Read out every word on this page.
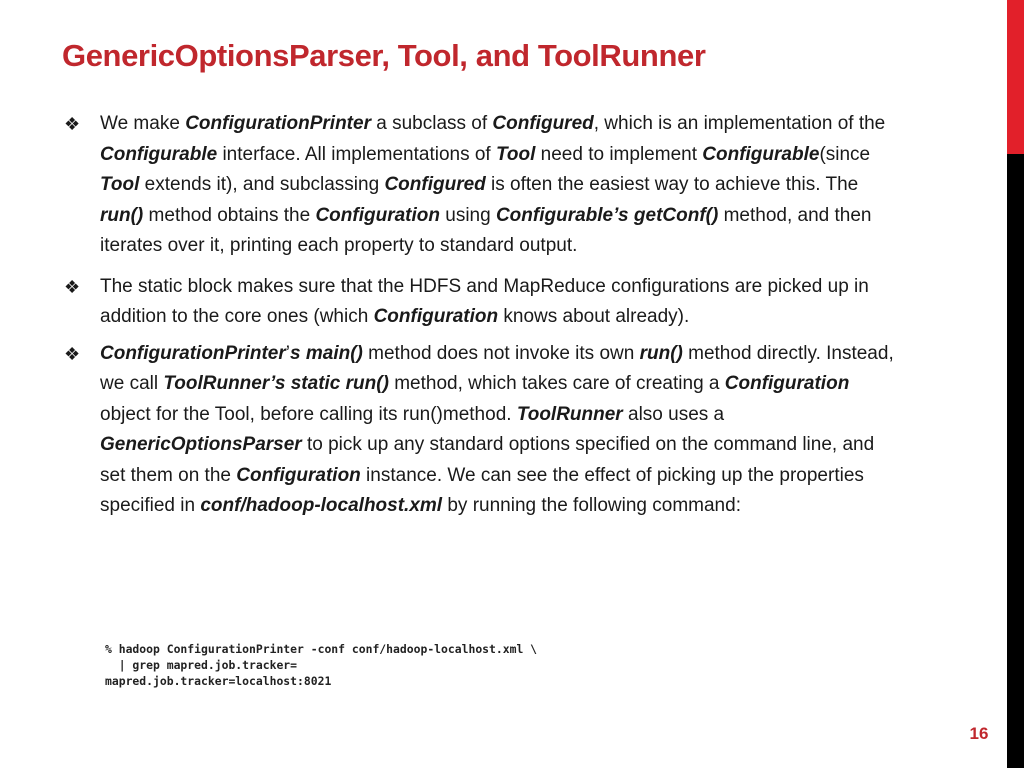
GenericOptionsParser, Tool, and ToolRunner
❖	We make ConfigurationPrinter a subclass of Configured, which is an implementation of the Configurable interface. All implementations of Tool need to implement Configurable(since Tool extends it), and subclassing Configured is often the easiest way to achieve this. The run() method obtains the Configuration using Configurable’s getConf() method, and then iterates over it, printing each property to standard output.
❖	The static block makes sure that the HDFS and MapReduce configurations are picked up in addition to the core ones (which Configuration knows about already).
❖	ConfigurationPrinter’s main() method does not invoke its own run() method directly. Instead, we call ToolRunner’s static run() method, which takes care of creating a Configuration object for the Tool, before calling its run()method. ToolRunner also uses a GenericOptionsParser to pick up any standard options specified on the command line, and set them on the Configuration instance. We can see the effect of picking up the properties specified in conf/hadoop-localhost.xml by running the following command:
% hadoop ConfigurationPrinter -conf conf/hadoop-localhost.xml \
| grep mapred.job.tracker=
mapred.job.tracker=localhost:8021
16
